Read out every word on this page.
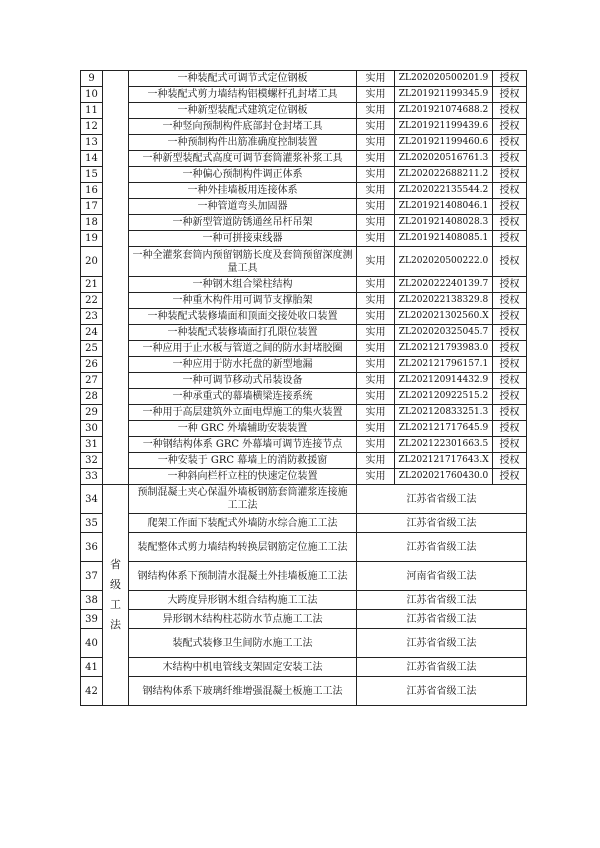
9		一种装配式可调节式定位钢板	实用	ZL202020500201.9	授权
10		一种装配式剪力墙结构铝模螺杆孔封堵工具	实用	ZL201921199345.9	授权
11		一种新型装配式建筑定位钢板	实用	ZL201921074688.2	授权
12		一种竖向预制构件底部封仓封堵工具	实用	ZL201921199439.6	授权
13		一种预制构件出筋准确度控制装置	实用	ZL201921199460.6	授权
14		一种新型装配式高度可调节套筒灌浆补浆工具	实用	ZL202020516761.3	授权
15		一种偏心预制构件调正体系	实用	ZL202022688211.2	授权
16		一种外挂墙板用连接体系	实用	ZL202022135544.2	授权
17		一种管道弯头加固器	实用	ZL201921408046.1	授权
18		一种新型管道防锈通丝吊杆吊架	实用	ZL201921408028.3	授权
19		一种可拼接束线器	实用	ZL201921408085.1	授权
20		一种全灌浆套筒内预留钢筋长度及套筒预留深度测量工具	实用	ZL202020500222.0	授权
21		一种钢木组合梁柱结构	实用	ZL202022240139.7	授权
22		一种重木构件用可调节支撑胎架	实用	ZL202022138329.8	授权
23		一种装配式装修墙面和顶面交接处收口装置	实用	ZL202021302560.X	授权
24		一种装配式装修墙面打孔限位装置	实用	ZL202020325045.7	授权
25		一种应用于止水板与管道之间的防水封堵胶圈	实用	ZL202121793983.0	授权
26		一种应用于防水托盘的新型地漏	实用	ZL202121796157.1	授权
27		一种可调节移动式吊装设备	实用	ZL202120914432.9	授权
28		一种承重式的幕墙横梁连接系统	实用	ZL202120922515.2	授权
29		一种用于高层建筑外立面电焊施工的集火装置	实用	ZL202120833251.3	授权
30		一种 GRC 外墙辅助安装装置	实用	ZL202121717645.9	授权
31		一种钢结构体系 GRC 外幕墙可调节连接节点	实用	ZL202122301663.5	授权
32		一种安装于 GRC 幕墙上的消防救援窗	实用	ZL202121717643.X	授权
33		一种斜向栏杆立柱的快速定位装置	实用	ZL202021760430.0	授权
34	省
级
工
法	预制混凝土夹心保温外墙板钢筋套筒灌浆连接施工工法	江苏省省级工法		
35		爬架工作面下装配式外墙防水综合施工工法	江苏省省级工法		
36		装配整体式剪力墙结构转换层钢筋定位施工工法	江苏省省级工法		
37		钢结构体系下预制清水混凝土外挂墙板施工工法	河南省省级工法		
38		大跨度异形钢木组合结构施工工法	江苏省省级工法		
39		异形钢木结构柱芯防水节点施工工法	江苏省省级工法		
40		装配式装修卫生间防水施工工法	江苏省省级工法		
41		木结构中机电管线支架固定安装工法	江苏省省级工法		
42		钢结构体系下玻璃纤维增强混凝土板施工工法	江苏省省级工法		
